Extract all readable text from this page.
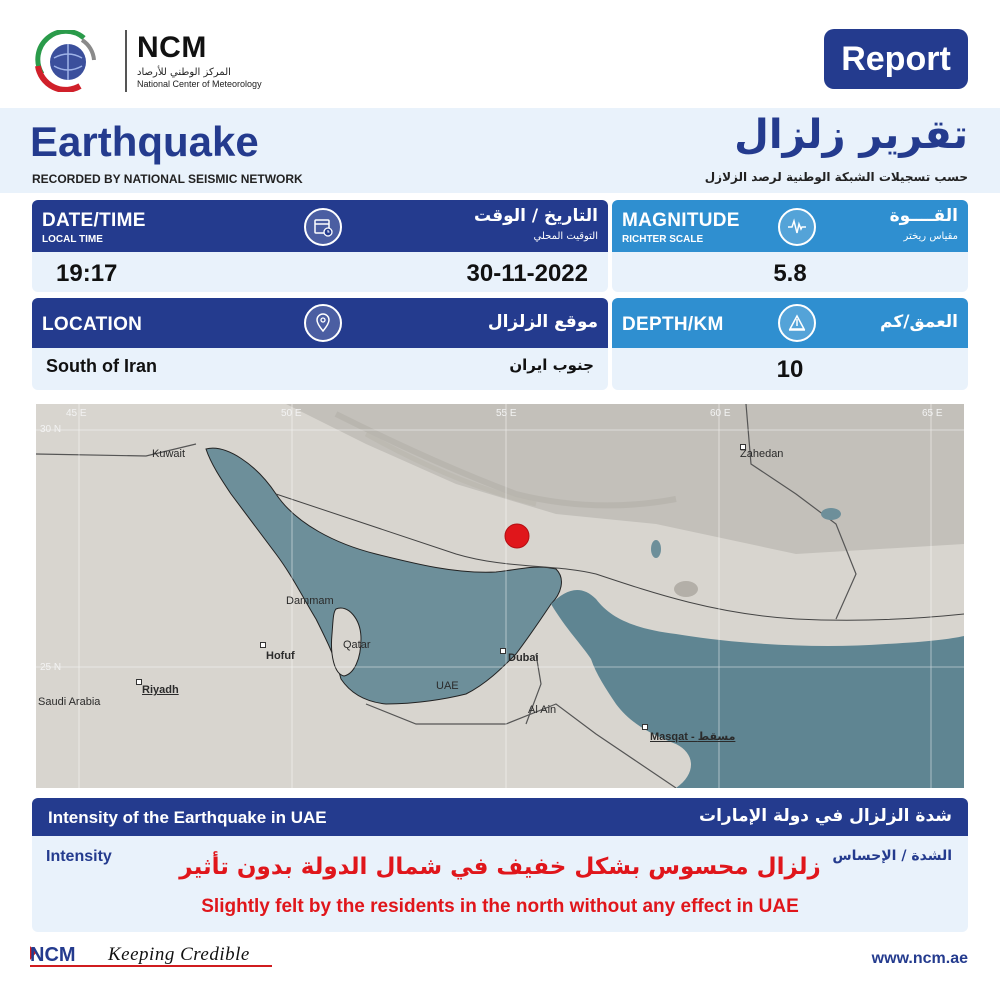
NCM
المركز الوطني للأرصاد
National Center of Meteorology
Report
Earthquake
RECORDED BY NATIONAL SEISMIC NETWORK
تقرير زلزال
حسب تسجيلات الشبكة الوطنية لرصد الزلازل
DATE/TIME
LOCAL TIME
التاريخ / الوقت
التوقيت المحلي
19:17	30-11-2022
MAGNITUDE
RICHTER SCALE
القــــوة
مقياس ريختر
5.8
LOCATION	موقع الزلزال
South of Iran	جنوب ايران
DEPTH/KM	العمق/كم
10
45 E	50 E	55 E	60 E	65 E
30 N
25 N
Kuwait	Zahedan
Dammam
Qatar
Hofuf	Dubai
UAE
Riyadh
Saudi Arabia
Al Ain
Masqat - مسقط
Intensity of the Earthquake in UAE	شدة الزلزال في دولة الإمارات
Intensity	الشدة / الإحساس
زلزال محسوس بشكل خفيف في شمال الدولة بدون تأثير
Slightly felt by the residents in the north without any effect in UAE
NCM Keeping Credible	www.ncm.ae
